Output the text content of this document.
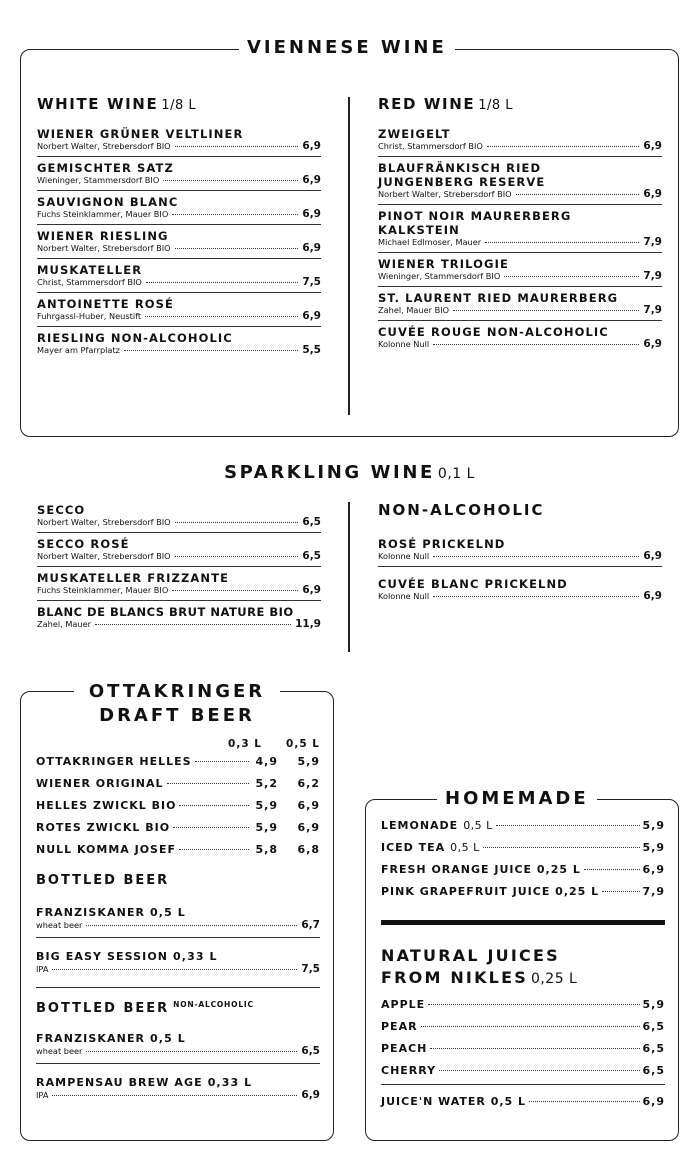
VIENNESE WINE
WHITE WINE 1/8 L
WIENER GRÜNER VELTLINER
Norbert Walter, Strebersdorf BIO	6,9
GEMISCHTER SATZ
Wieninger, Stammersdorf BIO	6,9
SAUVIGNON BLANC
Fuchs Steinklammer, Mauer BIO	6,9
WIENER RIESLING
Norbert Walter, Strebersdorf BIO	6,9
MUSKATELLER
Christ, Stammersdorf BIO	7,5
ANTOINETTE ROSÉ
Fuhrgassl-Huber, Neustift	6,9
RIESLING NON-ALCOHOLIC
Mayer am Pfarrplatz	5,5
RED WINE 1/8 L
ZWEIGELT
Christ, Stammersdorf BIO	6,9
BLAUFRÄNKISCH RIED
JUNGENBERG RESERVE
Norbert Walter, Strebersdorf BIO	6,9
PINOT NOIR MAURERBERG
KALKSTEIN
Michael Edlmoser, Mauer	7,9
WIENER TRILOGIE
Wieninger, Stammersdorf BIO	7,9
ST. LAURENT RIED MAURERBERG
Zahel, Mauer BIO	7,9
CUVÉE ROUGE NON-ALCOHOLIC
Kolonne Null	6,9
SPARKLING WINE 0,1 L
SECCO
Norbert Walter, Strebersdorf BIO	6,5
SECCO ROSÉ
Norbert Walter, Strebersdorf BIO	6,5
MUSKATELLER FRIZZANTE
Fuchs Steinklammer, Mauer BIO	6,9
BLANC DE BLANCS BRUT NATURE BIO
Zahel, Mauer	11,9
NON-ALCOHOLIC
ROSÉ PRICKELND
Kolonne Null	6,9
CUVÉE BLANC PRICKELND
Kolonne Null	6,9
OTTAKRINGER
DRAFT BEER
0,3 L	0,5 L
OTTAKRINGER HELLES	4,9	5,9
WIENER ORIGINAL	5,2	6,2
HELLES ZWICKL BIO	5,9	6,9
ROTES ZWICKL BIO	5,9	6,9
NULL KOMMA JOSEF	5,8	6,8
BOTTLED BEER
FRANZISKANER 0,5 L
wheat beer	6,7
BIG EASY SESSION 0,33 L
IPA	7,5
BOTTLED BEER $^{NON-ALCOHOLIC}$
FRANZISKANER 0,5 L
wheat beer	6,5
RAMPENSAU BREW AGE 0,33 L
IPA	6,9
HOMEMADE
LEMONADE 0,5 L	5,9
ICED TEA 0,5 L	5,9
FRESH ORANGE JUICE 0,25 L	6,9
PINK GRAPEFRUIT JUICE 0,25 L	7,9
NATURAL JUICES
FROM NIKLES 0,25 L
APPLE	5,9
PEAR	6,5
PEACH	6,5
CHERRY	6,5
JUICE'N WATER 0,5 L	6,9
